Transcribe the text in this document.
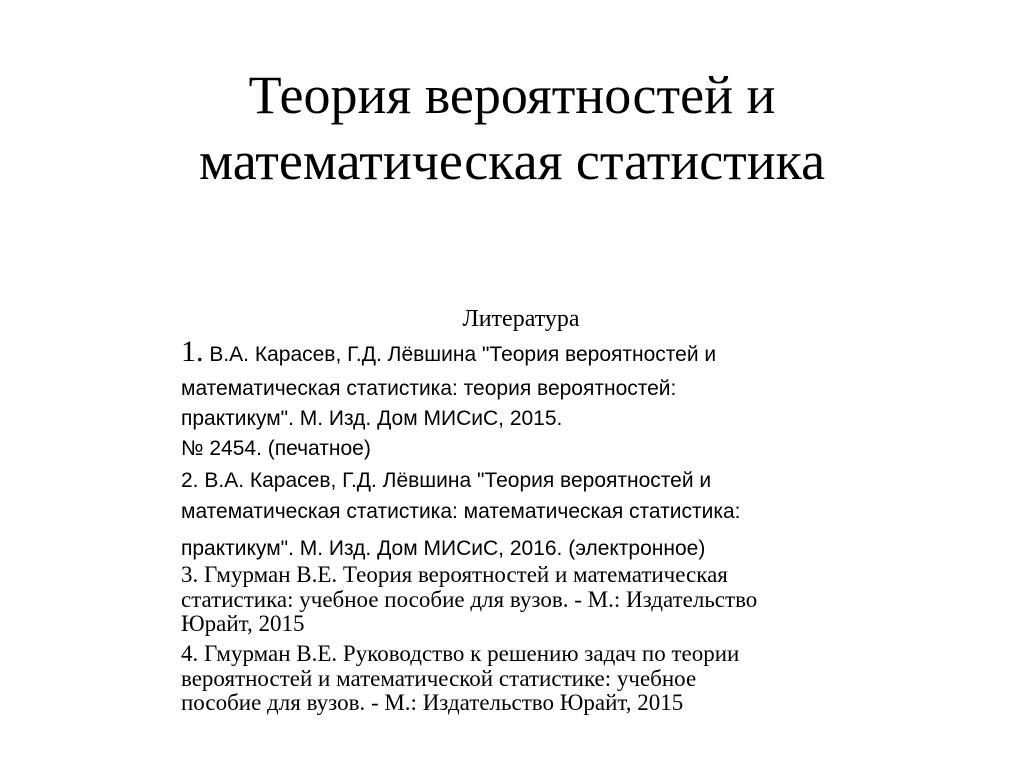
Теория вероятностей и
математическая статистика
Литература
1. В.А. Карасев, Г.Д. Лёвшина "Теория вероятностей и
математическая статистика: теория вероятностей:
практикум". М. Изд. Дом МИСиС, 2015.
№ 2454. (печатное)
2. В.А. Карасев, Г.Д. Лёвшина "Теория вероятностей и
математическая статистика: математическая статистика:
практикум". М. Изд. Дом МИСиС, 2016. (электронное)
3. Гмурман В.Е. Теория вероятностей и математическая
статистика: учебное пособие для вузов. - М.: Издательство
Юрайт, 2015
4. Гмурман В.Е. Руководство к решению задач по теории
вероятностей и математической статистике: учебное
пособие для вузов. - М.: Издательство Юрайт, 2015
